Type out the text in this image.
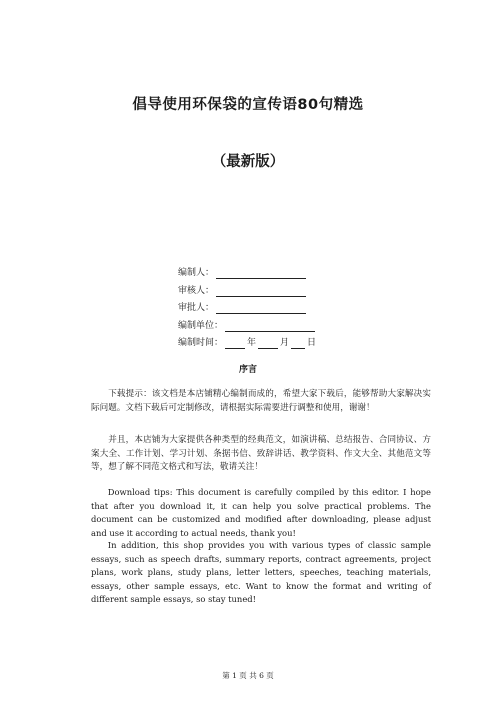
倡导使用环保袋的宣传语80句精选
（最新版）
编制人：
审核人：
审批人：
编制单位：
编制时间：	年	月 日
序言
下载提示：该文档是本店铺精心编制而成的，希望大家下载后，能够帮助大家解决实际问题。文档下载后可定制修改，请根据实际需要进行调整和使用，谢谢！
并且，本店铺为大家提供各种类型的经典范文，如演讲稿、总结报告、合同协议、方案大全、工作计划、学习计划、条据书信、致辞讲话、教学资料、作文大全、其他范文等等，想了解不同范文格式和写法，敬请关注！
Download tips: This document is carefully compiled by this editor. I hope that after you download it, it can help you solve practical problems. The document can be customized and modified after downloading, please adjust and use it according to actual needs, thank you!
In addition, this shop provides you with various types of classic sample essays, such as speech drafts, summary reports, contract agreements, project plans, work plans, study plans, letter letters, speeches, teaching materials, essays, other sample essays, etc. Want to know the format and writing of different sample essays, so stay tuned!
第 1 页 共 6 页
